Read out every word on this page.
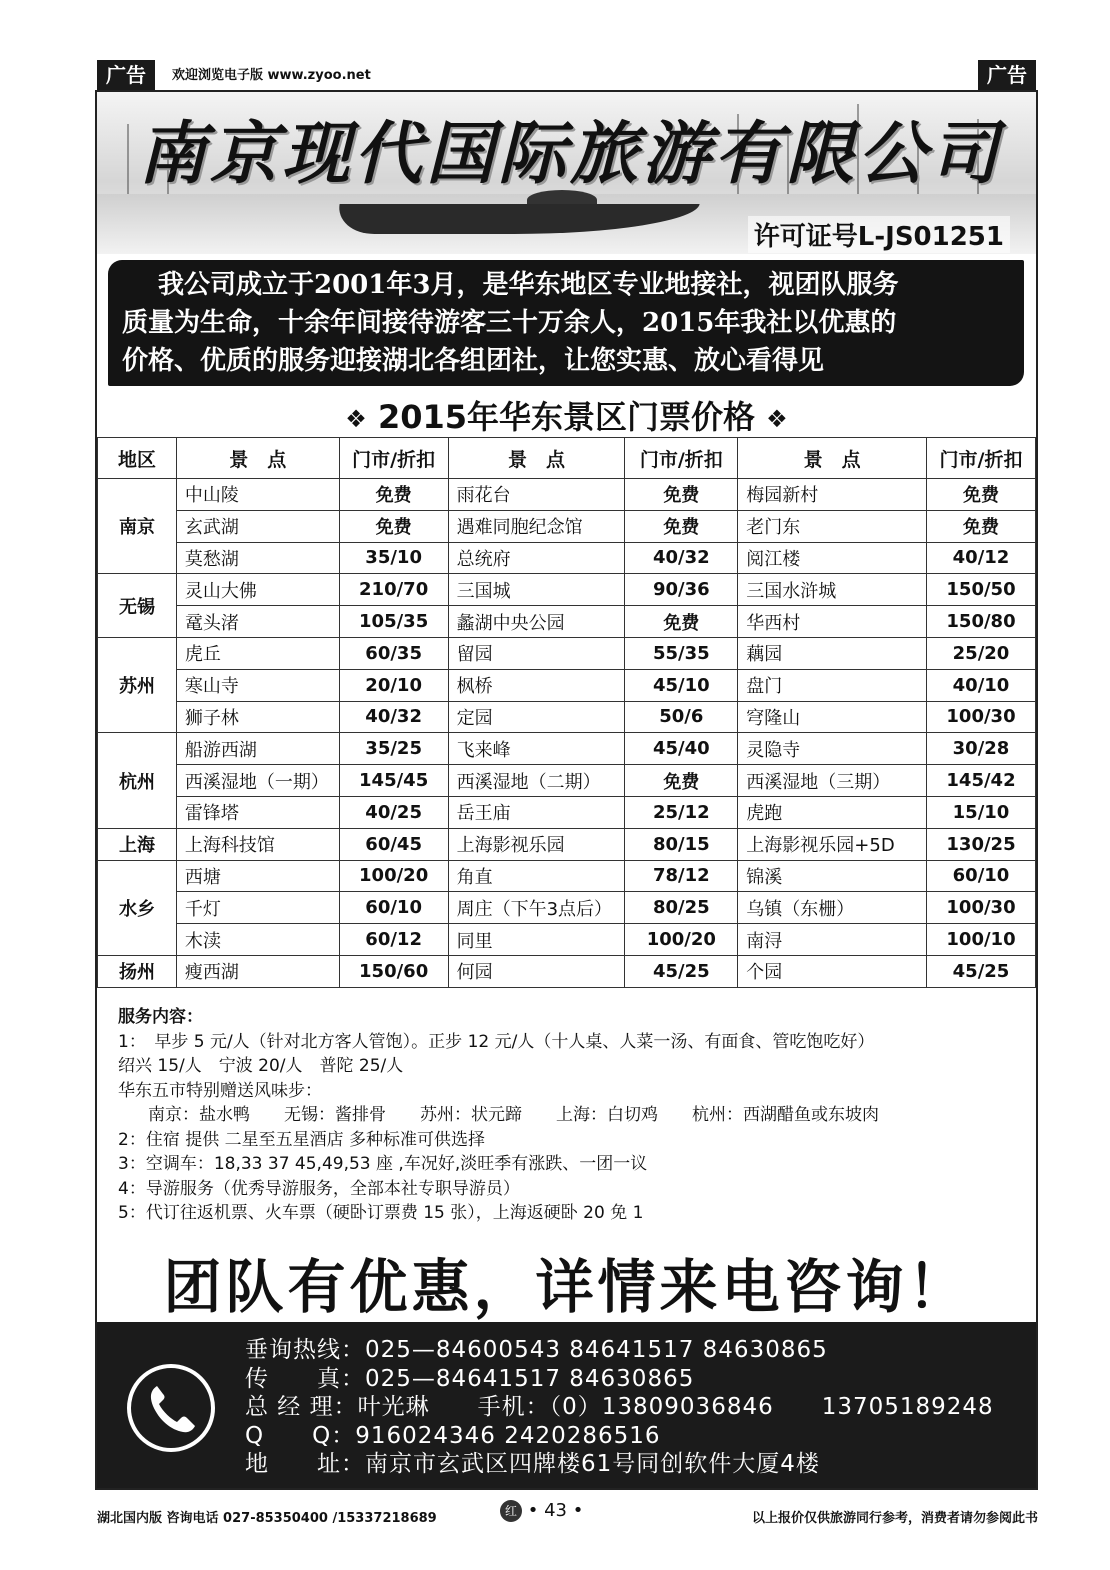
广告	欢迎浏览电子版 www.zyoo.net	广告
南京现代国际旅游有限公司
许可证号L-JS01251
我公司成立于2001年3月，是华东地区专业地接社，视团队服务
质量为生命，十余年间接待游客三十万余人，2015年我社以优惠的
价格、优质的服务迎接湖北各组团社，让您实惠、放心看得见
❖ 2015年华东景区门票价格 ❖
地区	景　点	门市/折扣	景　点	门市/折扣	景　点	门市/折扣
南京	中山陵	免费	雨花台	免费	梅园新村	免费
	玄武湖	免费	遇难同胞纪念馆	免费	老门东	免费
	莫愁湖	35/10	总统府	40/32	阅江楼	40/12
无锡	灵山大佛	210/70	三国城	90/36	三国水浒城	150/50
	鼋头渚	105/35	蠡湖中央公园	免费	华西村	150/80
苏州	虎丘	60/35	留园	55/35	藕园	25/20
	寒山寺	20/10	枫桥	45/10	盘门	40/10
	狮子林	40/32	定园	50/6	穹隆山	100/30
杭州	船游西湖	35/25	飞来峰	45/40	灵隐寺	30/28
	西溪湿地（一期）	145/45	西溪湿地（二期）	免费	西溪湿地（三期）	145/42
	雷锋塔	40/25	岳王庙	25/12	虎跑	15/10
上海	上海科技馆	60/45	上海影视乐园	80/15	上海影视乐园+5D	130/25
水乡	西塘	100/20	角直	78/12	锦溪	60/10
	千灯	60/10	周庄（下午3点后）	80/25	乌镇（东栅）	100/30
	木渎	60/12	同里	100/20	南浔	100/10
扬州	瘦西湖	150/60	何园	45/25	个园	45/25
服务内容：
1：　早步 5 元/人（针对北方客人管饱）。正步 12 元/人（十人桌、人菜一汤、有面食、管吃饱吃好）
绍兴 15/人　宁波 20/人　普陀 25/人
华东五市特别赠送风味步：
南京：盐水鸭　　无锡：酱排骨　　苏州：状元蹄　　上海：白切鸡　　杭州：西湖醋鱼或东坡肉
2：住宿 提供 二星至五星酒店 多种标准可供选择
3：空调车：18,33 37 45,49,53 座 ,车况好,淡旺季有涨跌、一团一议
4：导游服务（优秀导游服务，全部本社专职导游员）
5：代订往返机票、火车票（硬卧订票费 15 张），上海返硬卧 20 免 1
团队有优惠，详情来电咨询！
垂询热线：025—84600543 84641517 84630865
传　　真：025—84641517 84630865
总 经 理：叶光琳　　手机：（0）13809036846　　13705189248
Q　　Q：916024346 2420286516
地　　址：南京市玄武区四牌楼61号同创软件大厦4楼
湖北国内版 咨询电话 027-85350400 /15337218689	红 • 43 •	以上报价仅供旅游同行参考，消费者请勿参阅此书
